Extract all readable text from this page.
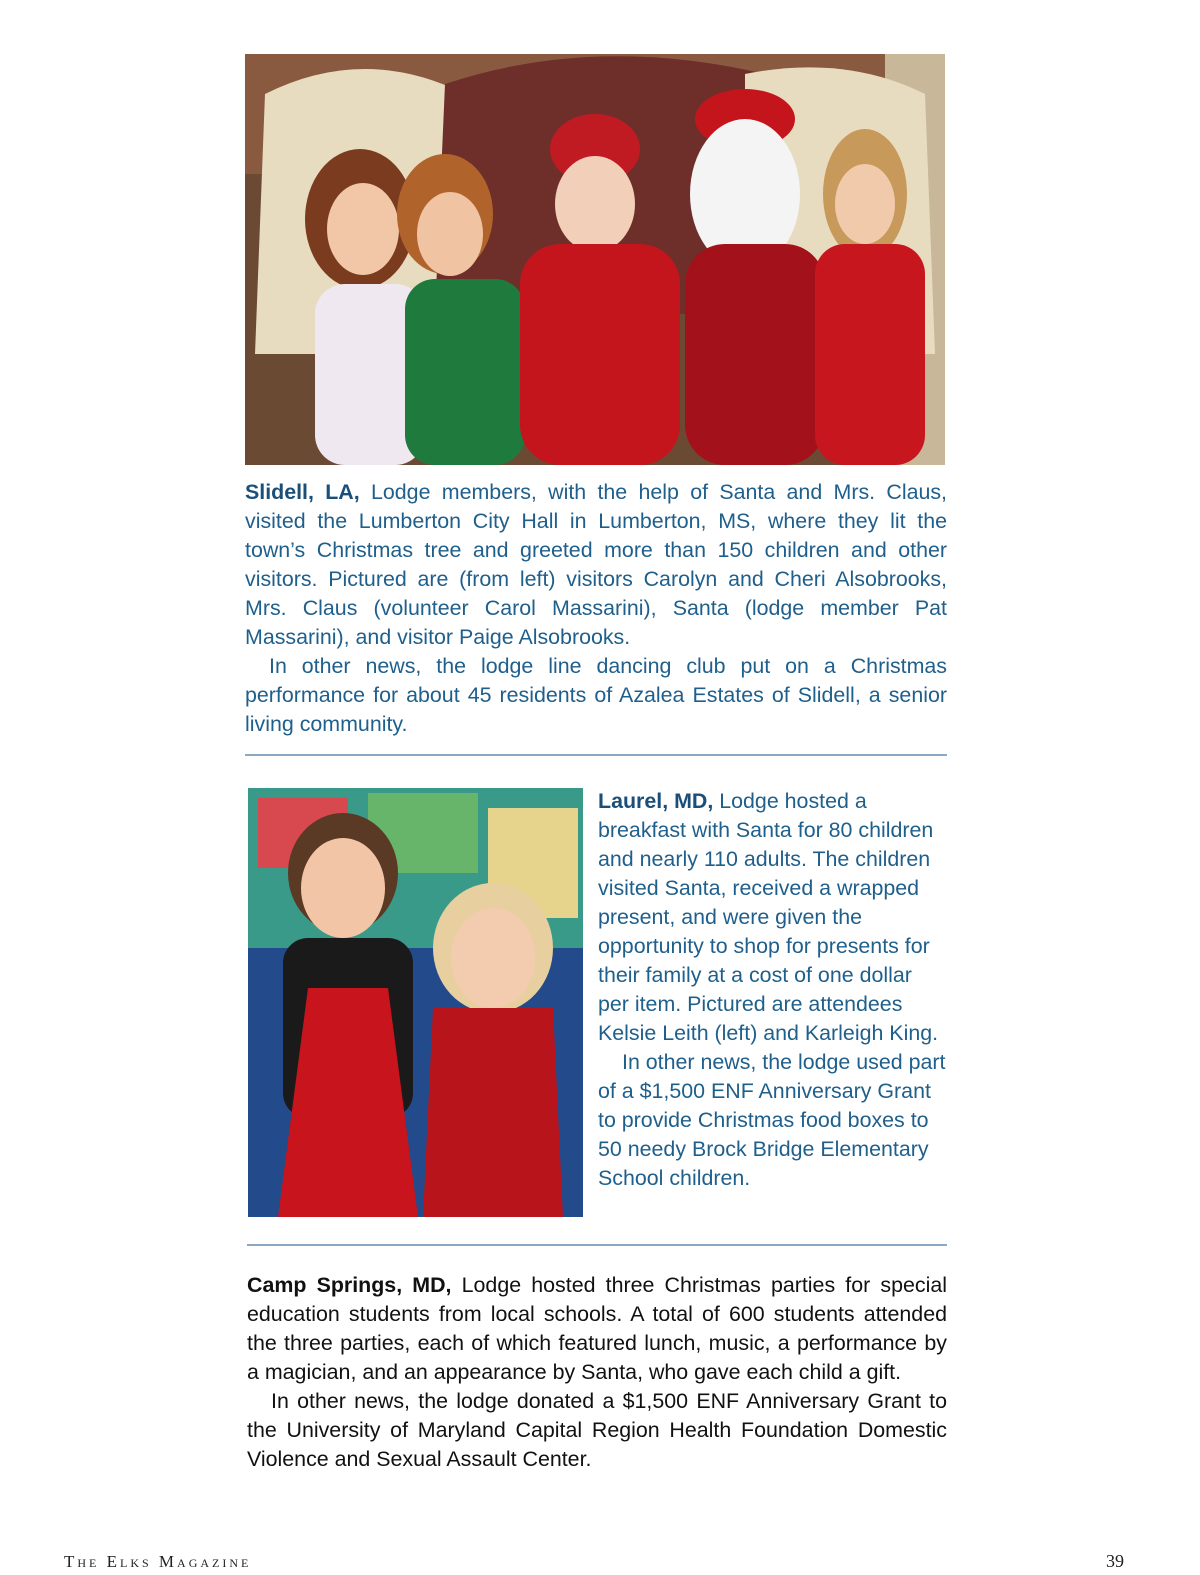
Slidell, LA, Lodge members, with the help of Santa and Mrs. Claus, visited the Lumberton City Hall in Lumberton, MS, where they lit the town’s Christmas tree and greeted more than 150 children and other visitors. Pictured are (from left) visitors Carolyn and Cheri Alsobrooks, Mrs. Claus (volunteer Carol Massarini), Santa (lodge member Pat Massarini), and visitor Paige Alsobrooks.

In other news, the lodge line dancing club put on a Christmas performance for about 45 residents of Azalea Estates of Slidell, a senior living community.

Laurel, MD, Lodge hosted a breakfast with Santa for 80 children and nearly 110 adults. The children visited Santa, received a wrapped present, and were given the opportunity to shop for presents for their family at a cost of one dollar per item. Pictured are attendees Kelsie Leith (left) and Karleigh King.

In other news, the lodge used part of a $1,500 ENF Anniversary Grant to provide Christmas food boxes to 50 needy Brock Bridge Elementary School children.

Camp Springs, MD, Lodge hosted three Christmas parties for special education students from local schools. A total of 600 students attended the three parties, each of which featured lunch, music, a performance by a magician, and an appearance by Santa, who gave each child a gift.

In other news, the lodge donated a $1,500 ENF Anniversary Grant to the University of Maryland Capital Region Health Foundation Domestic Violence and Sexual Assault Center.

The Elks Magazine	39
